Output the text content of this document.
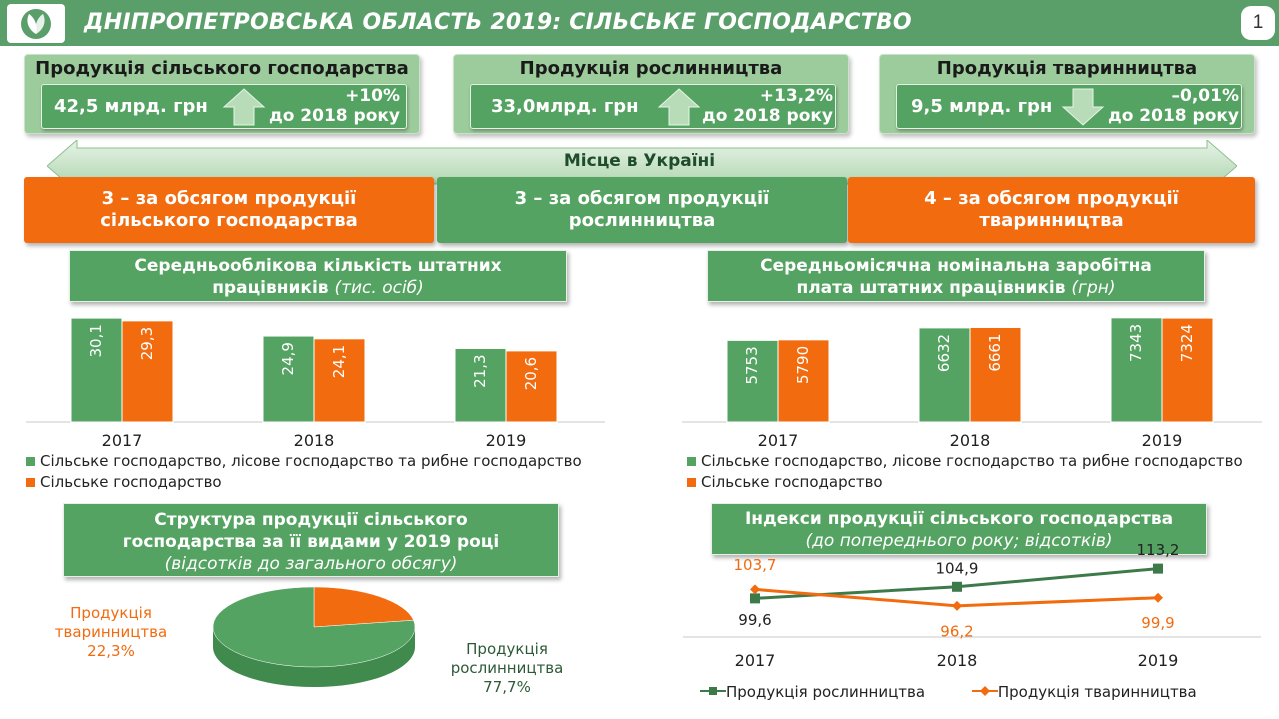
ДНІПРОПЕТРОВСЬКА ОБЛАСТЬ 2019: СІЛЬСЬКЕ ГОСПОДАРСТВО	1
Продукція сільського господарства
42,5 млрд. грн	+10%
до 2018 року
Продукція рослинництва
33,0млрд. грн	+13,2%
до 2018 року
Продукція тваринництва
9,5 млрд. грн	–0,01%
до 2018 року
Місце в Україні
3 – за обсягом продукції
сільського господарства
3 – за обсягом продукції
рослинництва
4 – за обсягом продукції
тваринництва
Середньооблікова кількість штатних
працівників (тис. осіб)
Середньомісячна номінальна заробітна
плата штатних працівників (грн)
Структура продукції сільського
господарства за її видами у 2019 році
(відсотків до загального обсягу)
Індекси продукції сільського господарства
(до попереднього року; відсотків)
Сільське господарство, лісове господарство та рибне господарство
Сільське господарство
Сільське господарство, лісове господарство та рибне господарство
Сільське господарство
Продукція
тваринництва
22,3%	Продукція
рослинництва
77,7%	Продукція рослинництва	Продукція тваринництва
30,1 29,3
2017
24,9 24,1
2018
21,3 20,6
2019
5753 5790
2017
6632 6661
2018
7343 7324
2019
99,6
104,9
113,2
103,7
96,2	99,9
2017	2018	2019
